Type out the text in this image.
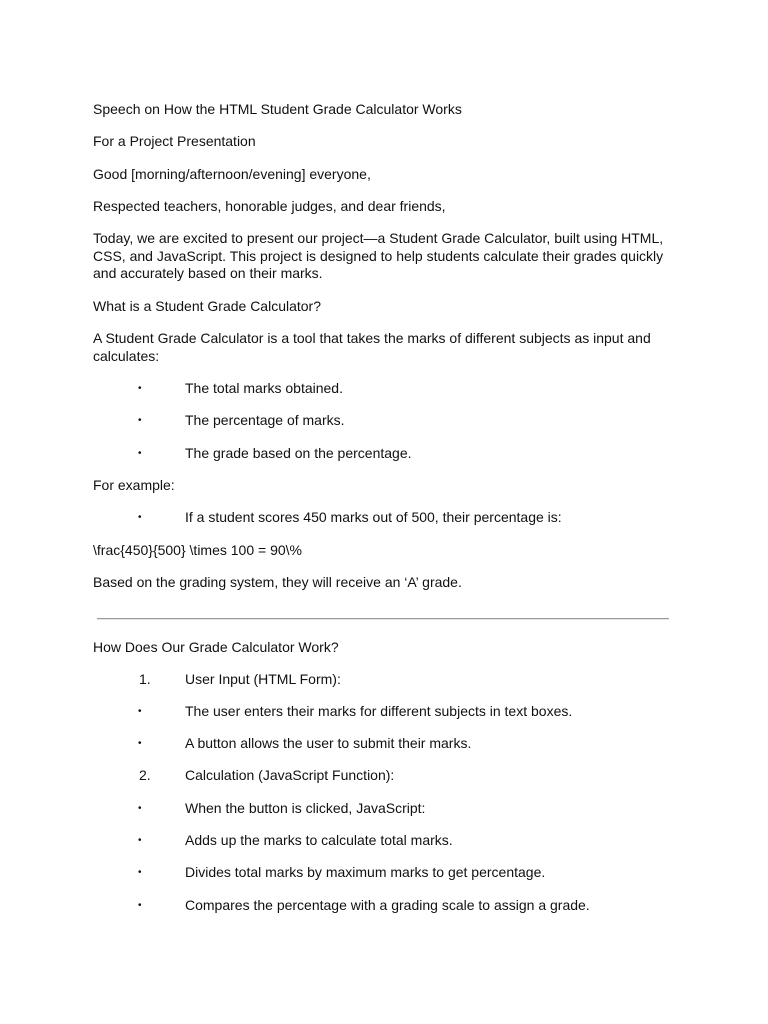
Speech on How the HTML Student Grade Calculator Works
For a Project Presentation
Good [morning/afternoon/evening] everyone,
Respected teachers, honorable judges, and dear friends,
Today, we are excited to present our project—a Student Grade Calculator, built using HTML, CSS, and JavaScript. This project is designed to help students calculate their grades quickly and accurately based on their marks.
What is a Student Grade Calculator?
A Student Grade Calculator is a tool that takes the marks of different subjects as input and calculates:
•	The total marks obtained.
•	The percentage of marks.
•	The grade based on the percentage.
For example:
•	If a student scores 450 marks out of 500, their percentage is:
\frac{450}{500} \times 100 = 90\%
Based on the grading system, they will receive an ‘A’ grade.
How Does Our Grade Calculator Work?
1. User Input (HTML Form):
•	The user enters their marks for different subjects in text boxes.
•	A button allows the user to submit their marks.
2. Calculation (JavaScript Function):
•	When the button is clicked, JavaScript:
•	Adds up the marks to calculate total marks.
•	Divides total marks by maximum marks to get percentage.
•	Compares the percentage with a grading scale to assign a grade.
